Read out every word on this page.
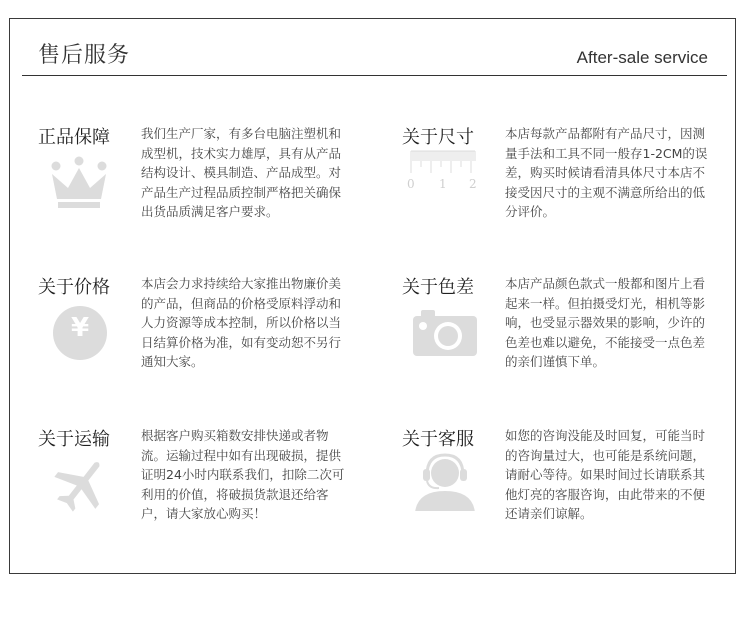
售后服务	After-sale service
正品保障 我们生产厂家，有多台电脑注塑机和成型机，技术实力雄厚，具有从产品结构设计、模具制造、产品成型。对产品生产过程品质控制严格把关确保出货品质满足客户要求。
关于尺寸
0 1 2
本店每款产品都附有产品尺寸，因测量手法和工具不同一般存1-2CM的误差，购买时候请看清具体尺寸本店不接受因尺寸的主观不满意所给出的低分评价。
关于价格
¥
本店会力求持续给大家推出物廉价美的产品，但商品的价格受原料浮动和人力资源等成本控制，所以价格以当日结算价格为准，如有变动恕不另行通知大家。
关于色差 本店产品颜色款式一般都和图片上看起来一样。但拍摄受灯光，相机等影响，也受显示器效果的影响，少许的色差也难以避免，不能接受一点色差的亲们谨慎下单。
关于运输 根据客户购买箱数安排快递或者物流。运输过程中如有出现破损，提供证明24小时内联系我们，扣除二次可利用的价值，将破损货款退还给客户，请大家放心购买！
关于客服 如您的咨询没能及时回复，可能当时的咨询量过大，也可能是系统问题，请耐心等待。如果时间过长请联系其他灯亮的客服咨询，由此带来的不便还请亲们谅解。
